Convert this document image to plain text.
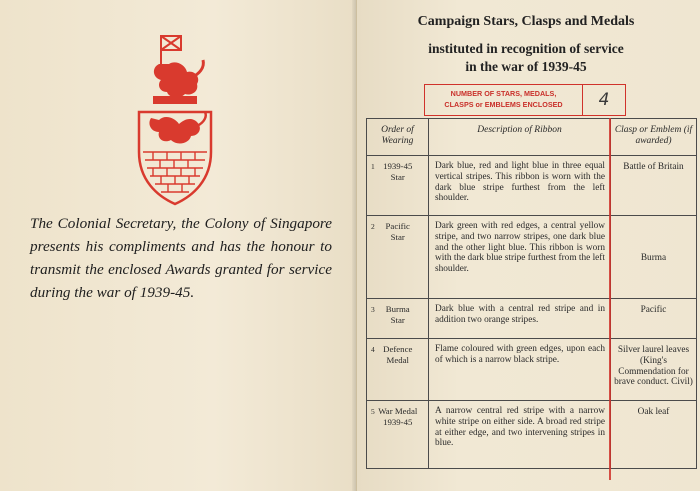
The Colonial Secretary, the Colony of Singapore presents his compliments and has the honour to transmit the enclosed Awards granted for service during the war of 1939-45.

Campaign Stars, Clasps and Medals
instituted in recognition of service
in the war of 1939-45
NUMBER OF STARS, MEDALS,
CLASPS or EMBLEMS ENCLOSED	4
Order of Wearing	Description of Ribbon	Clasp or Emblem (if awarded)
1 1939-45 Star	Dark blue, red and light blue in three equal vertical stripes. This ribbon is worn with the dark blue stripe furthest from the left shoulder.	Battle of Britain
2 Pacific Star	Dark green with red edges, a central yellow stripe, and two narrow stripes, one dark blue and the other light blue. This ribbon is worn with the dark blue stripe furthest from the left shoulder.	Burma
3 Burma Star	Dark blue with a central red stripe and in addition two orange stripes.	Pacific
4 Defence Medal	Flame coloured with green edges, upon each of which is a narrow black stripe.	Silver laurel leaves (King's Commendation for brave conduct. Civil)
5 War Medal 1939-45	A narrow central red stripe with a narrow white stripe on either side. A broad red stripe at either edge, and two intervening stripes in blue.	Oak leaf
